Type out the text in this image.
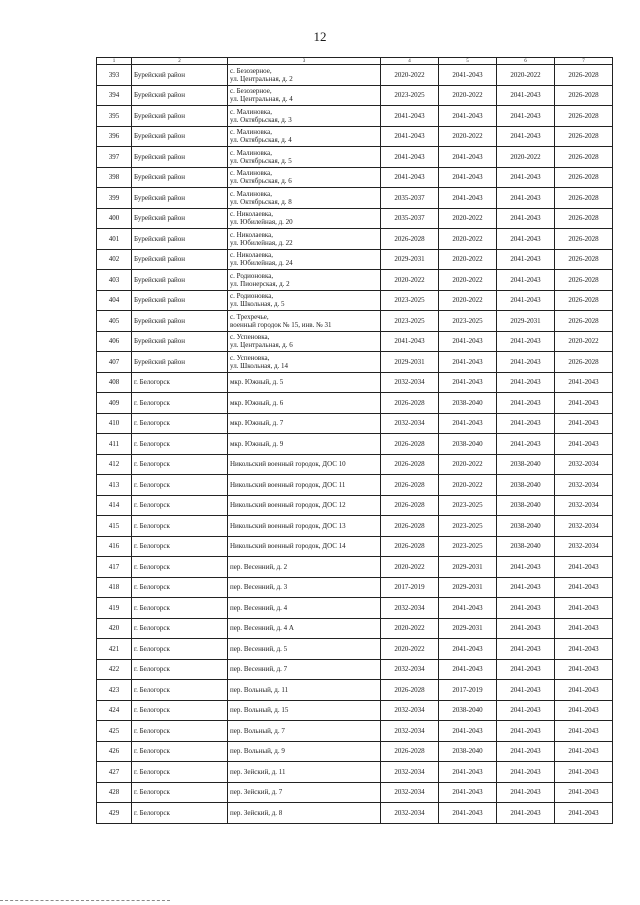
12
1	2	3	4	5	6	7
393	Бурейский район	с. Безозерное,
ул. Центральная, д. 2	2020-2022	2041-2043	2020-2022	2026-2028
394	Бурейский район	с. Безозерное,
ул. Центральная, д. 4	2023-2025	2020-2022	2041-2043	2026-2028
395	Бурейский район	с. Малиновка,
ул. Октябрьская, д. 3	2041-2043	2041-2043	2041-2043	2026-2028
396	Бурейский район	с. Малиновка,
ул. Октябрьская, д. 4	2041-2043	2020-2022	2041-2043	2026-2028
397	Бурейский район	с. Малиновка,
ул. Октябрьская, д. 5	2041-2043	2041-2043	2020-2022	2026-2028
398	Бурейский район	с. Малиновка,
ул. Октябрьская, д. 6	2041-2043	2041-2043	2041-2043	2026-2028
399	Бурейский район	с. Малиновка,
ул. Октябрьская, д. 8	2035-2037	2041-2043	2041-2043	2026-2028
400	Бурейский район	с. Николаевка,
ул. Юбилейная, д. 20	2035-2037	2020-2022	2041-2043	2026-2028
401	Бурейский район	с. Николаевка,
ул. Юбилейная, д. 22	2026-2028	2020-2022	2041-2043	2026-2028
402	Бурейский район	с. Николаевка,
ул. Юбилейная, д. 24	2029-2031	2020-2022	2041-2043	2026-2028
403	Бурейский район	с. Родионовка,
ул. Пионерская, д. 2	2020-2022	2020-2022	2041-2043	2026-2028
404	Бурейский район	с. Родионовка,
ул. Школьная, д. 5	2023-2025	2020-2022	2041-2043	2026-2028
405	Бурейский район	с. Трехречье,
военный городок № 15, инв. № 31	2023-2025	2023-2025	2029-2031	2026-2028
406	Бурейский район	с. Успеновка,
ул. Центральная, д. 6	2041-2043	2041-2043	2041-2043	2020-2022
407	Бурейский район	с. Успеновка,
ул. Школьная, д. 14	2029-2031	2041-2043	2041-2043	2026-2028
408	г. Белогорск	мкр. Южный, д. 5	2032-2034	2041-2043	2041-2043	2041-2043
409	г. Белогорск	мкр. Южный, д. 6	2026-2028	2038-2040	2041-2043	2041-2043
410	г. Белогорск	мкр. Южный, д. 7	2032-2034	2041-2043	2041-2043	2041-2043
411	г. Белогорск	мкр. Южный, д. 9	2026-2028	2038-2040	2041-2043	2041-2043
412	г. Белогорск	Никольский военный городок, ДОС 10	2026-2028	2020-2022	2038-2040	2032-2034
413	г. Белогорск	Никольский военный городок, ДОС 11	2026-2028	2020-2022	2038-2040	2032-2034
414	г. Белогорск	Никольский военный городок, ДОС 12	2026-2028	2023-2025	2038-2040	2032-2034
415	г. Белогорск	Никольский военный городок, ДОС 13	2026-2028	2023-2025	2038-2040	2032-2034
416	г. Белогорск	Никольский военный городок, ДОС 14	2026-2028	2023-2025	2038-2040	2032-2034
417	г. Белогорск	пер. Весенний, д. 2	2020-2022	2029-2031	2041-2043	2041-2043
418	г. Белогорск	пер. Весенний, д. 3	2017-2019	2029-2031	2041-2043	2041-2043
419	г. Белогорск	пер. Весенний, д. 4	2032-2034	2041-2043	2041-2043	2041-2043
420	г. Белогорск	пер. Весенний, д. 4 А	2020-2022	2029-2031	2041-2043	2041-2043
421	г. Белогорск	пер. Весенний, д. 5	2020-2022	2041-2043	2041-2043	2041-2043
422	г. Белогорск	пер. Весенний, д. 7	2032-2034	2041-2043	2041-2043	2041-2043
423	г. Белогорск	пер. Вольный, д. 11	2026-2028	2017-2019	2041-2043	2041-2043
424	г. Белогорск	пер. Вольный, д. 15	2032-2034	2038-2040	2041-2043	2041-2043
425	г. Белогорск	пер. Вольный, д. 7	2032-2034	2041-2043	2041-2043	2041-2043
426	г. Белогорск	пер. Вольный, д. 9	2026-2028	2038-2040	2041-2043	2041-2043
427	г. Белогорск	пер. Зейский, д. 11	2032-2034	2041-2043	2041-2043	2041-2043
428	г. Белогорск	пер. Зейский, д. 7	2032-2034	2041-2043	2041-2043	2041-2043
429	г. Белогорск	пер. Зейский, д. 8	2032-2034	2041-2043	2041-2043	2041-2043
